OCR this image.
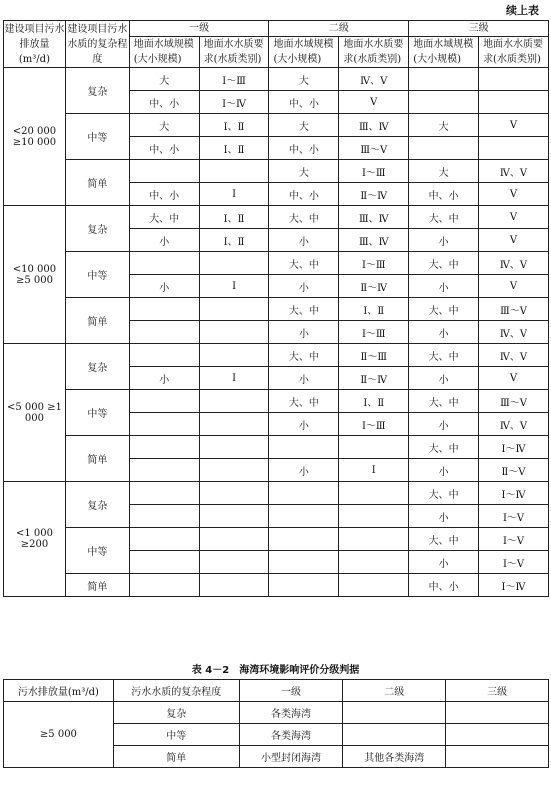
续上表
建设项目污水排放量(m³/d)	建设项目污水水质的复杂程度	一级		二级		三级	
		地面水域规模(大小规模)	地面水水质要求(水质类别)	地面水域规模(大小规模)	地面水水质要求(水质类别)	地面水域规模(大小规模)	地面水水质要求(水质类别)
<20 000 ≥10 000	复杂	大	Ⅰ～Ⅲ	大	Ⅳ、Ⅴ		
		中、小	Ⅰ～Ⅳ	中、小	Ⅴ		
	中等	大	Ⅰ、Ⅱ	大	Ⅲ、Ⅳ	大	Ⅴ
		中、小	Ⅰ、Ⅱ	中、小	Ⅲ～Ⅴ		
	简单			大	Ⅰ～Ⅲ	大	Ⅳ、Ⅴ
		中、小	Ⅰ	中、小	Ⅱ～Ⅳ	中、小	Ⅴ
<10 000 ≥5 000	复杂	大、中	Ⅰ、Ⅱ	大、中	Ⅲ、Ⅳ	大、中	Ⅴ
		小	Ⅰ、Ⅱ	小	Ⅲ、Ⅳ	小	Ⅴ
	中等			大、中	Ⅰ～Ⅲ	大、中	Ⅳ、Ⅴ
		小	Ⅰ	小	Ⅱ～Ⅳ	小	Ⅴ
	简单			大、中	Ⅰ、Ⅱ	大、中	Ⅲ～Ⅴ
				小	Ⅰ～Ⅲ	小	Ⅳ、Ⅴ
<5 000 ≥1 000	复杂			大、中	Ⅱ～Ⅲ	大、中	Ⅳ、Ⅴ
		小	Ⅰ	小	Ⅱ～Ⅳ	小	Ⅴ
	中等			大、中	Ⅰ、Ⅱ	大、中	Ⅲ～Ⅴ
				小	Ⅰ～Ⅲ	小	Ⅳ、Ⅴ
	简单					大、中	Ⅰ～Ⅳ
				小	Ⅰ	小	Ⅱ～Ⅴ
<1 000 ≥200	复杂					大、中	Ⅰ～Ⅳ
						小	Ⅰ～Ⅴ
	中等					大、中	Ⅰ～Ⅴ
						小	Ⅰ～Ⅴ
	简单					中、小	Ⅰ～Ⅳ
表 4－2　海湾环境影响评价分级判据
污水排放量(m³/d)	污水水质的复杂程度	一级	二级	三级
≥5 000	复杂	各类海湾		
	中等	各类海湾		
	简单	小型封闭海湾	其他各类海湾	
